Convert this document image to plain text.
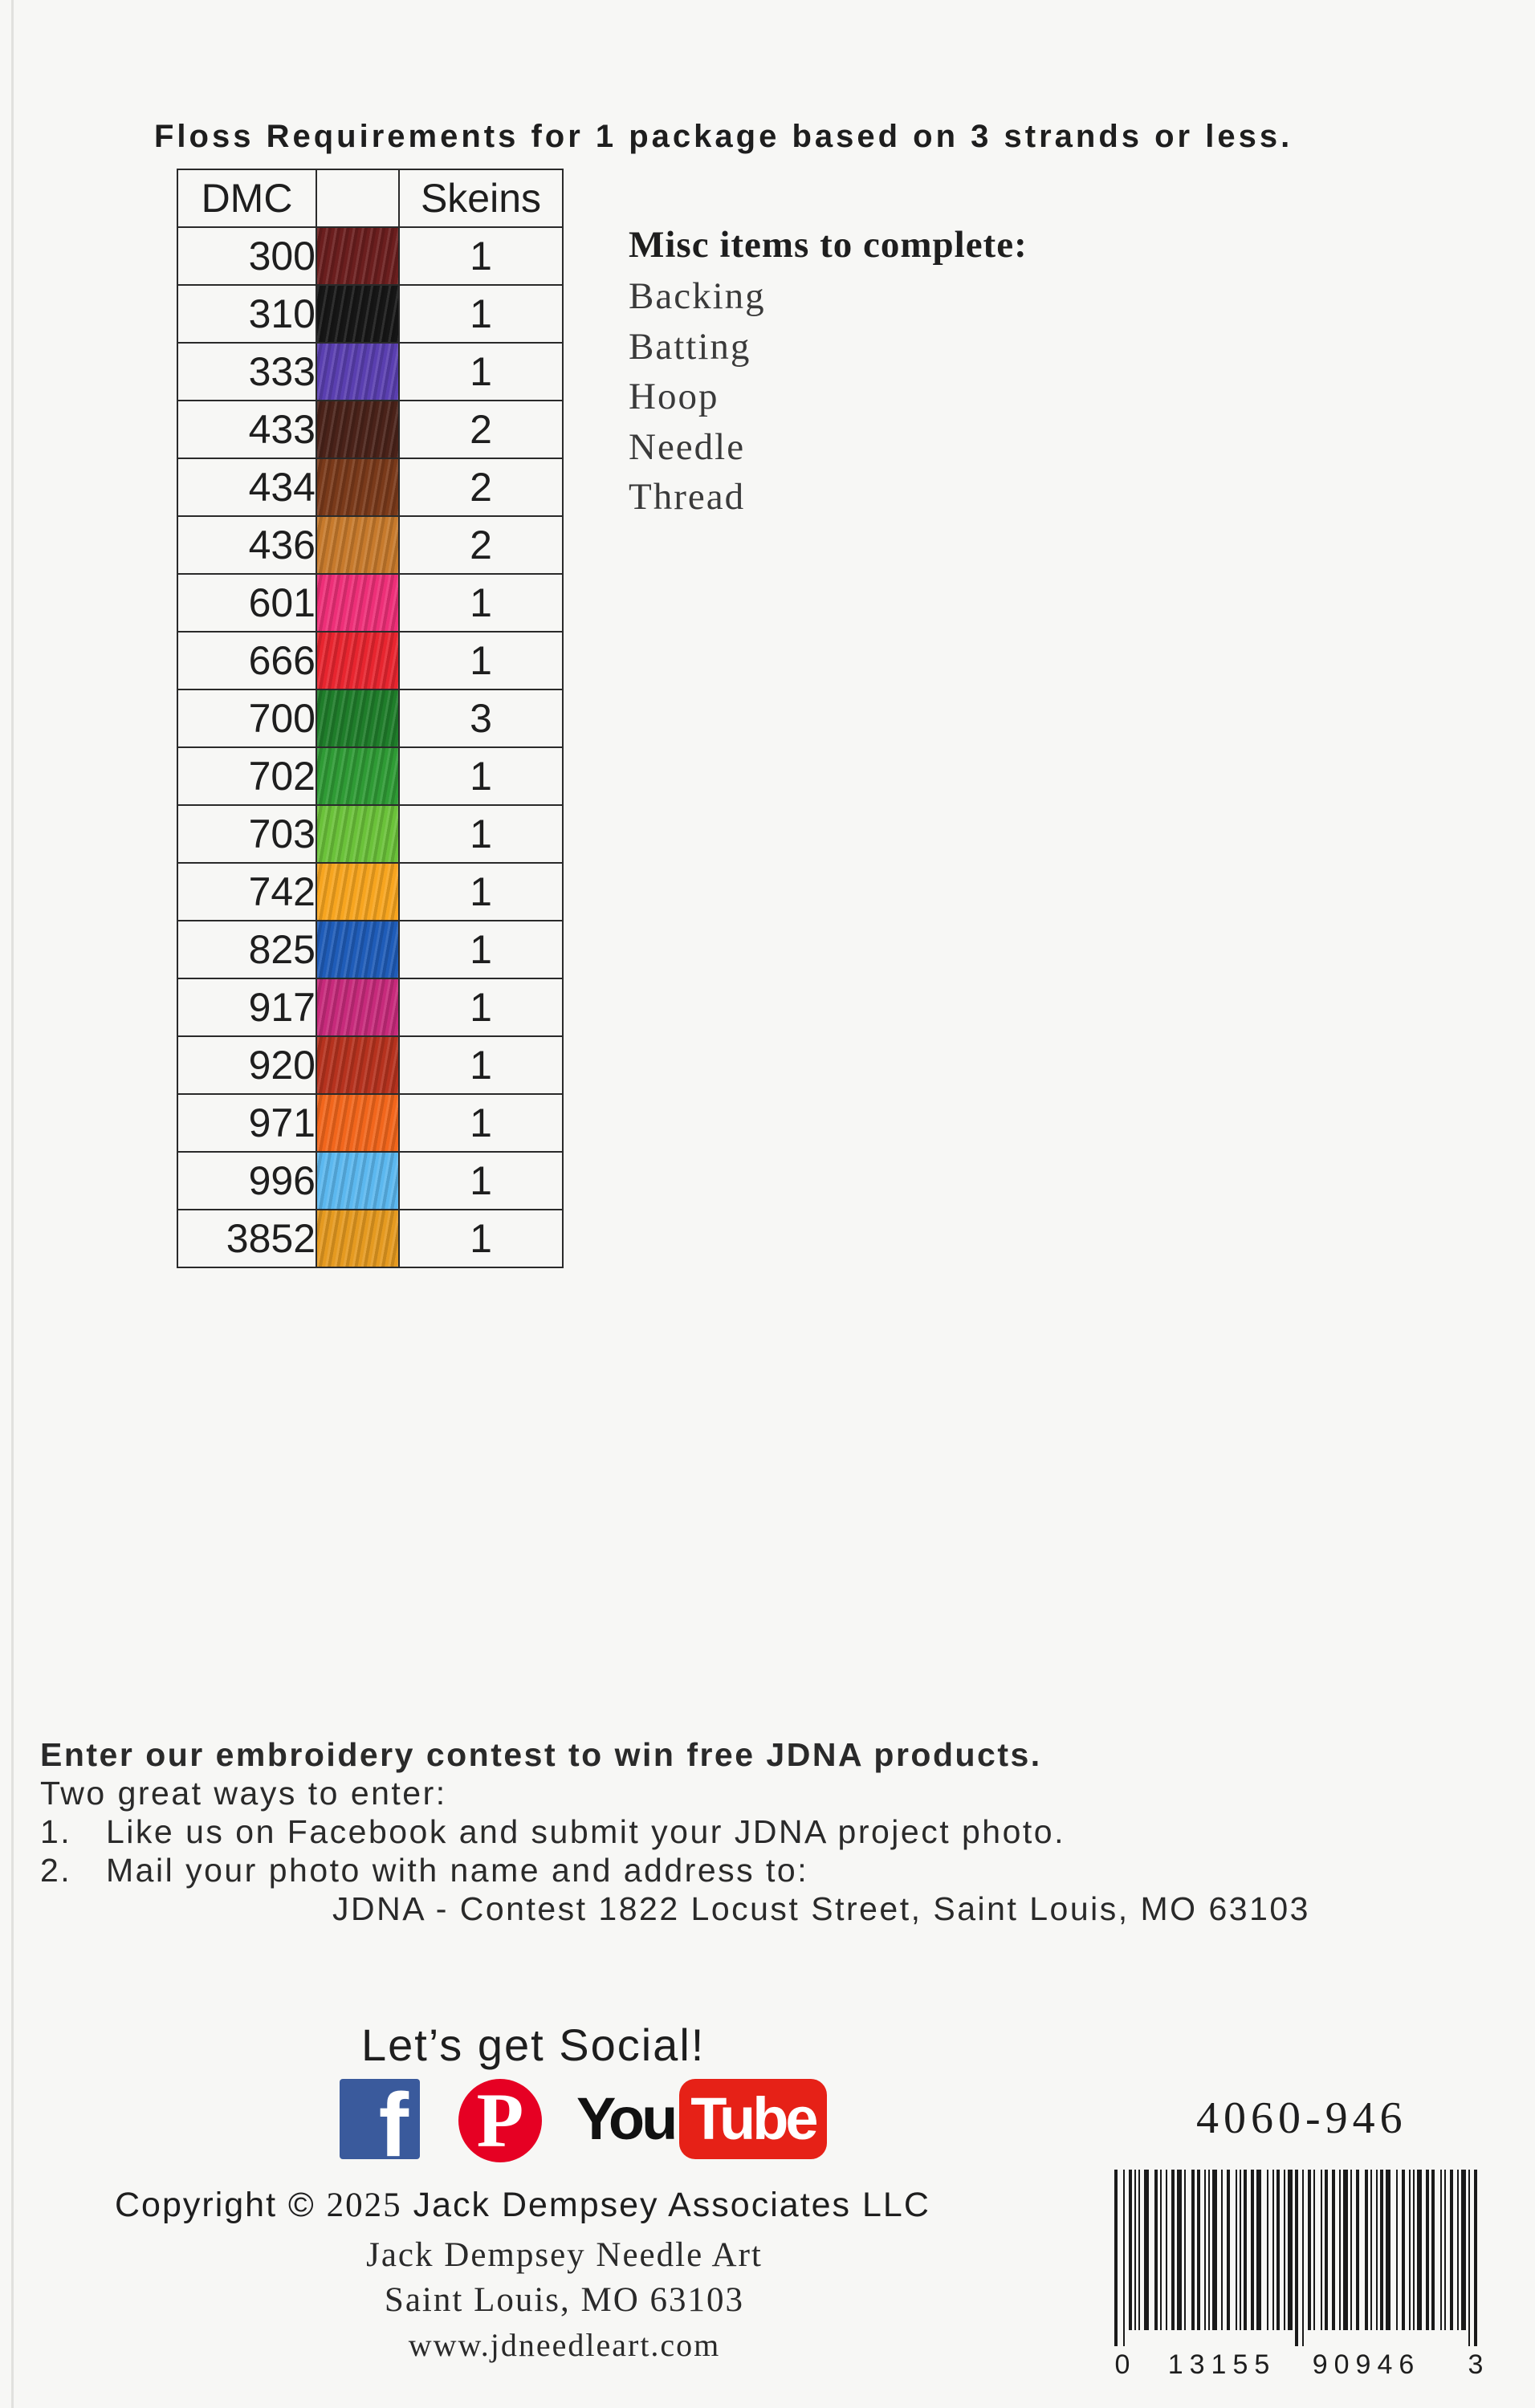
Floss Requirements for 1 package based on 3 strands or less.
DMC		Skeins
300		1
310		1
333		1
433		2
434		2
436		2
601		1
666		1
700		3
702		1
703		1
742		1
825		1
917		1
920		1
971		1
996		1
3852		1
Misc items to complete:
Backing
Batting
Hoop
Needle
Thread
Enter our embroidery contest to win free JDNA products.
Two great ways to enter:
1. Like us on Facebook and submit your JDNA project photo.
2. Mail your photo with name and address to:
JDNA - Contest 1822 Locust Street, Saint Louis, MO 63103
Let’s get Social!
f P You Tube
Copyright © 2025 Jack Dempsey Associates LLC
Jack Dempsey Needle Art
Saint Louis, MO 63103
www.jdneedleart.com
4060-946
0 13155 90946 3
